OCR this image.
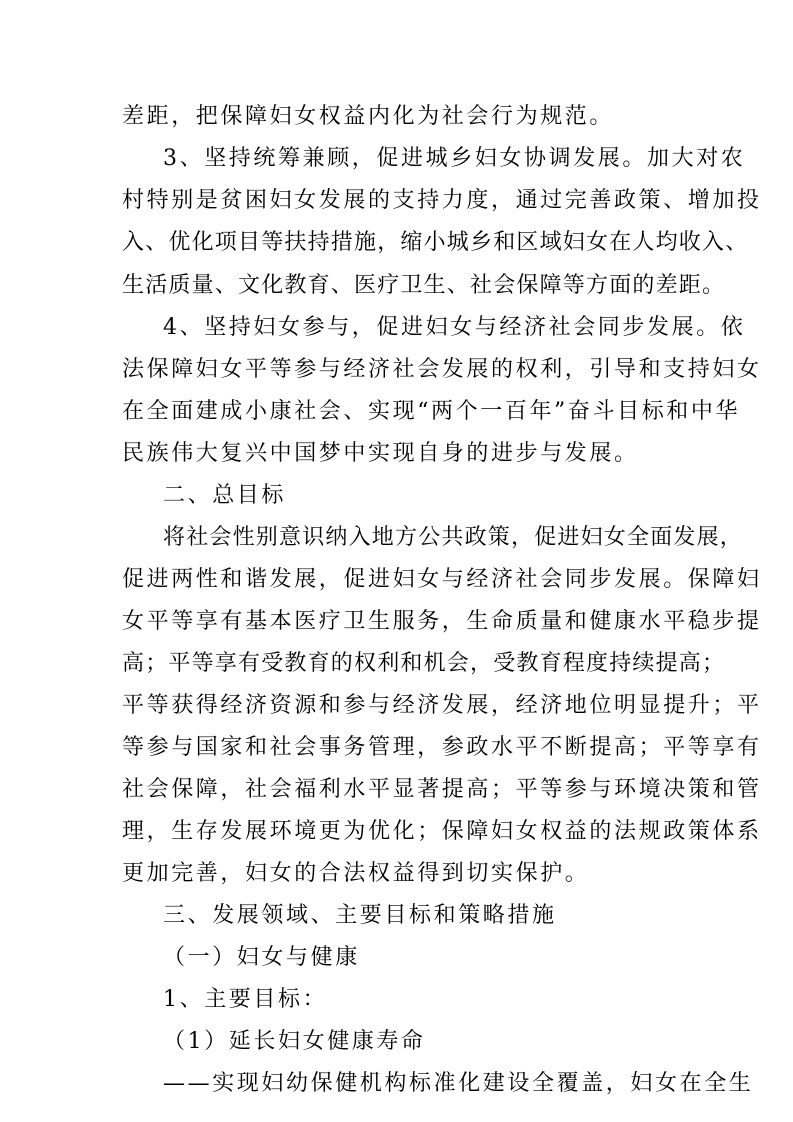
差距，把保障妇女权益内化为社会行为规范。
3、坚持统筹兼顾，促进城乡妇女协调发展。加大对农
村特别是贫困妇女发展的支持力度，通过完善政策、增加投
入、优化项目等扶持措施，缩小城乡和区域妇女在人均收入、
生活质量、文化教育、医疗卫生、社会保障等方面的差距。
4、坚持妇女参与，促进妇女与经济社会同步发展。依
法保障妇女平等参与经济社会发展的权利，引导和支持妇女
在全面建成小康社会、实现“两个一百年”奋斗目标和中华
民族伟大复兴中国梦中实现自身的进步与发展。
二、总目标
将社会性别意识纳入地方公共政策，促进妇女全面发展，
促进两性和谐发展，促进妇女与经济社会同步发展。保障妇
女平等享有基本医疗卫生服务，生命质量和健康水平稳步提
高；平等享有受教育的权利和机会，受教育程度持续提高；
平等获得经济资源和参与经济发展，经济地位明显提升；平
等参与国家和社会事务管理，参政水平不断提高；平等享有
社会保障，社会福利水平显著提高；平等参与环境决策和管
理，生存发展环境更为优化；保障妇女权益的法规政策体系
更加完善，妇女的合法权益得到切实保护。
三、发展领域、主要目标和策略措施
（一）妇女与健康
1、主要目标：
（1）延长妇女健康寿命
——实现妇幼保健机构标准化建设全覆盖，妇女在全生
